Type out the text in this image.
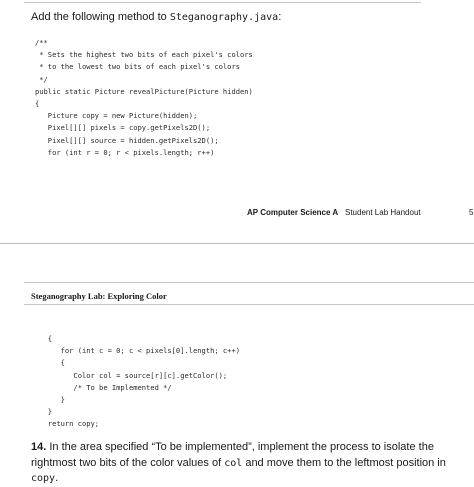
Add the following method to Steganography.java:
/**
* Sets the highest two bits of each pixel's colors
* to the lowest two bits of each pixel's colors
*/
public static Picture revealPicture(Picture hidden)
{
Picture copy = new Picture(hidden);
Pixel[][] pixels = copy.getPixels2D();
Pixel[][] source = hidden.getPixels2D();
for (int r = 0; r < pixels.length; r++)
AP Computer Science A Student Lab Handout	5
Steganography Lab: Exploring Color
{
for (int c = 0; c < pixels[0].length; c++)
{
Color col = source[r][c].getColor();
/* To be Implemented */
}
}
return copy;

14. In the area specified “To be implemented”, implement the process to isolate the rightmost two bits of the color values of col and move them to the leftmost position in copy.
